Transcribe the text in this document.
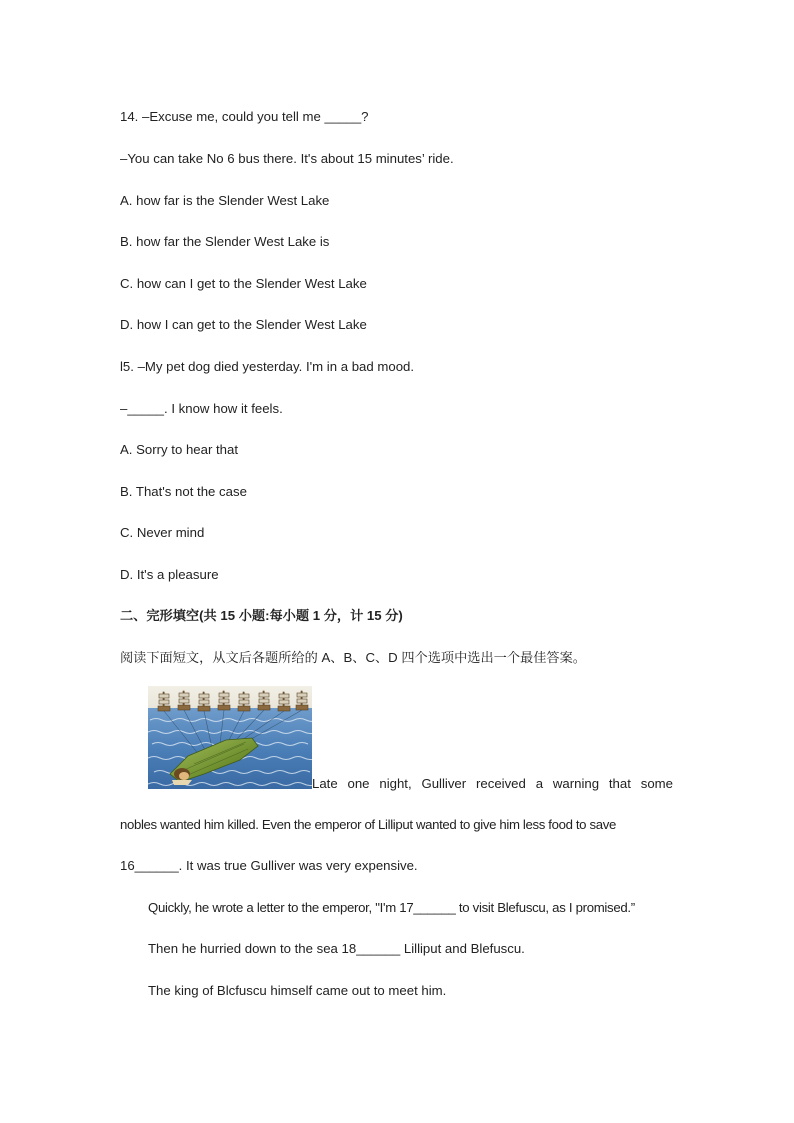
14. –Excuse me, could you tell me _____?
–You can take No 6 bus there. It's about 15 minutes’ ride.
A. how far is the Slender West Lake
B. how far the Slender West Lake is
C. how can I get to the Slender West Lake
D. how I can get to the Slender West Lake
l5. –My pet dog died yesterday. I'm in a bad mood.
–_____. I know how it feels.
A. Sorry to hear that
B. That's not the case
C. Never mind
D. It's a pleasure
二、完形填空(共 15 小题:每小题 1 分，计 15 分)
阅读下面短文，从文后各题所给的 A、B、C、D 四个选项中选出一个最佳答案。
Late one night, Gulliver received a warning that some
nobles wanted him killed. Even the emperor of Lilliput wanted to give him less food to save
16______. It was true Gulliver was very expensive.
Quickly, he wrote a letter to the emperor, "I'm 17______ to visit Blefuscu, as I promised.”
Then he hurried down to the sea 18______ Lilliput and Blefuscu.
The king of Blcfuscu himself came out to meet him.
